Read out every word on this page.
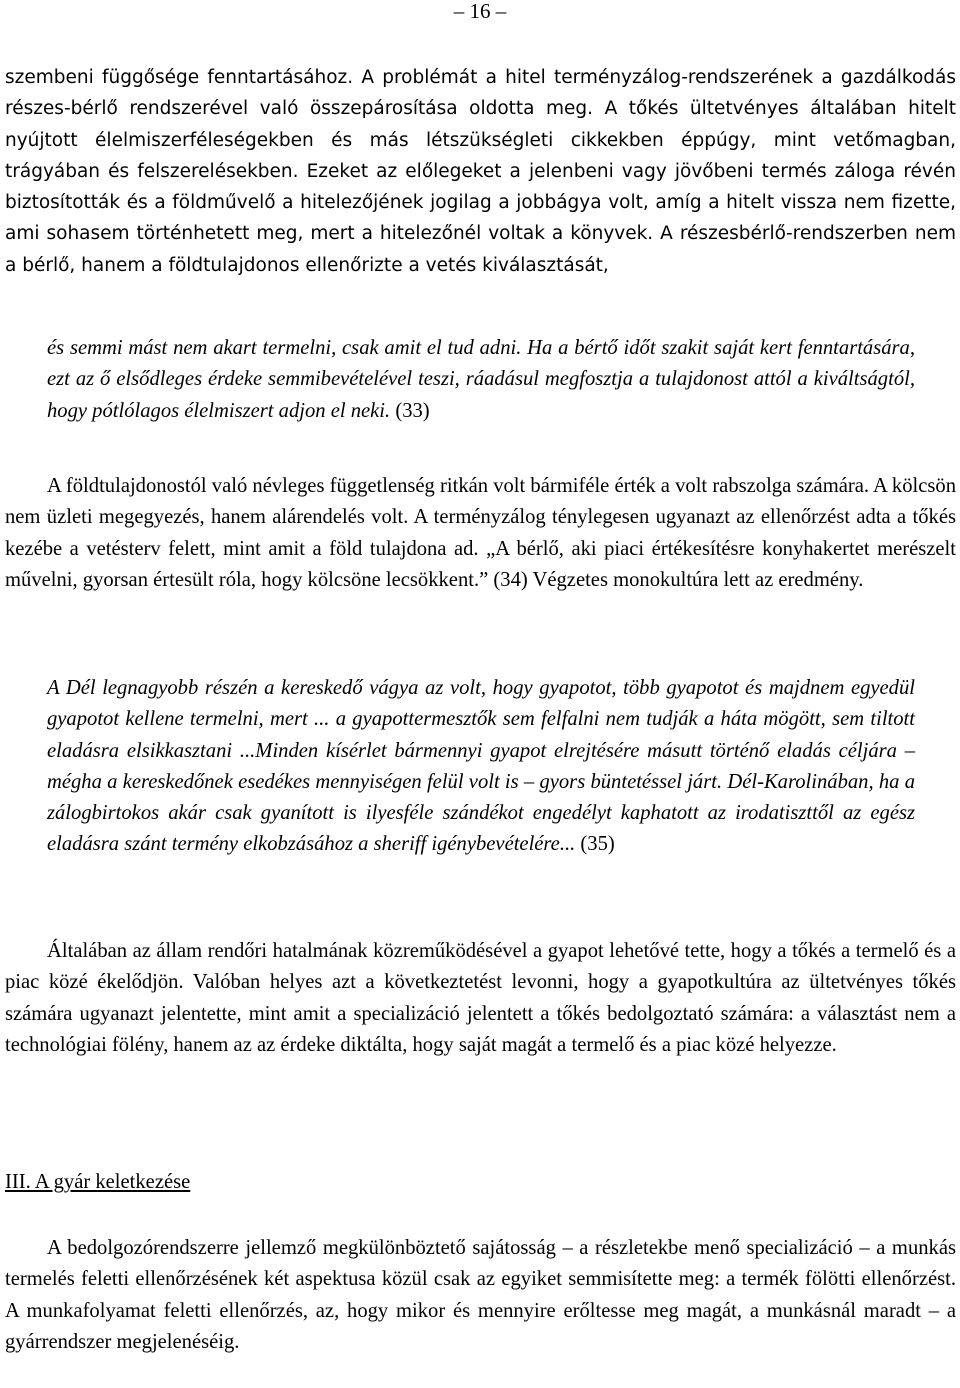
– 16 –

szembeni függősége fenntartásához. A problémát a hitel terményzálog-rendszerének a gazdálkodás részes-bérlő rendszerével való összepárosítása oldotta meg. A tőkés ültetvényes általában hitelt nyújtott élelmiszerféleségekben és más létszükségleti cikkekben éppúgy, mint vetőmagban, trágyában és felszerelésekben. Ezeket az előlegeket a jelenbeni vagy jövőbeni termés záloga révén biztosították és a földművelő a hitelezőjének jogilag a jobbágya volt, amíg a hitelt vissza nem fizette, ami sohasem történhetett meg, mert a hitelezőnél voltak a könyvek. A részesbérlő-rendszerben nem a bérlő, hanem a földtulajdonos ellenőrizte a vetés kiválasztását,

és semmi mást nem akart termelni, csak amit el tud adni. Ha a bértő időt szakit saját kert fenntartására, ezt az ő elsődleges érdeke semmibevételével teszi, ráadásul megfosztja a tulajdonost attól a kiváltságtól, hogy pótlólagos élelmiszert adjon el neki. (33)

A földtulajdonostól való névleges függetlenség ritkán volt bármiféle érték a volt rabszolga számára. A kölcsön nem üzleti megegyezés, hanem alárendelés volt. A terményzálog ténylegesen ugyanazt az ellenőrzést adta a tőkés kezébe a vetésterv felett, mint amit a föld tulajdona ad. „A bérlő, aki piaci értékesítésre konyhakertet merészelt művelni, gyorsan értesült róla, hogy kölcsöne lecsökkent.” (34) Végzetes monokultúra lett az eredmény.

A Dél legnagyobb részén a kereskedő vágya az volt, hogy gyapotot, több gyapotot és majdnem egyedül gyapotot kellene termelni, mert ... a gyapottermesztők sem felfalni nem tudják a háta mögött, sem tiltott eladásra elsikkasztani ...Minden kísérlet bármennyi gyapot elrejtésére másutt történő eladás céljára – mégha a kereskedőnek esedékes mennyiségen felül volt is – gyors büntetéssel járt. Dél-Karolinában, ha a zálogbirtokos akár csak gyanított is ilyesféle szándékot engedélyt kaphatott az irodatiszttől az egész eladásra szánt termény elkobzásához a sheriff igénybevételére... (35)

Általában az állam rendőri hatalmának közreműködésével a gyapot lehetővé tette, hogy a tőkés a termelő és a piac közé ékelődjön. Valóban helyes azt a következtetést levonni, hogy a gyapotkultúra az ültetvényes tőkés számára ugyanazt jelentette, mint amit a specializáció jelentett a tőkés bedolgoztató számára: a választást nem a technológiai fölény, hanem az az érdeke diktálta, hogy saját magát a termelő és a piac közé helyezze.

III. A gyár keletkezése

A bedolgozórendszerre jellemző megkülönböztető sajátosság – a részletekbe menő specializáció – a munkás termelés feletti ellenőrzésének két aspektusa közül csak az egyiket semmisítette meg: a termék fölötti ellenőrzést. A munkafolyamat feletti ellenőrzés, az, hogy mikor és mennyire erőltesse meg magát, a munkásnál maradt – a gyárrendszer megjelenéséig.
